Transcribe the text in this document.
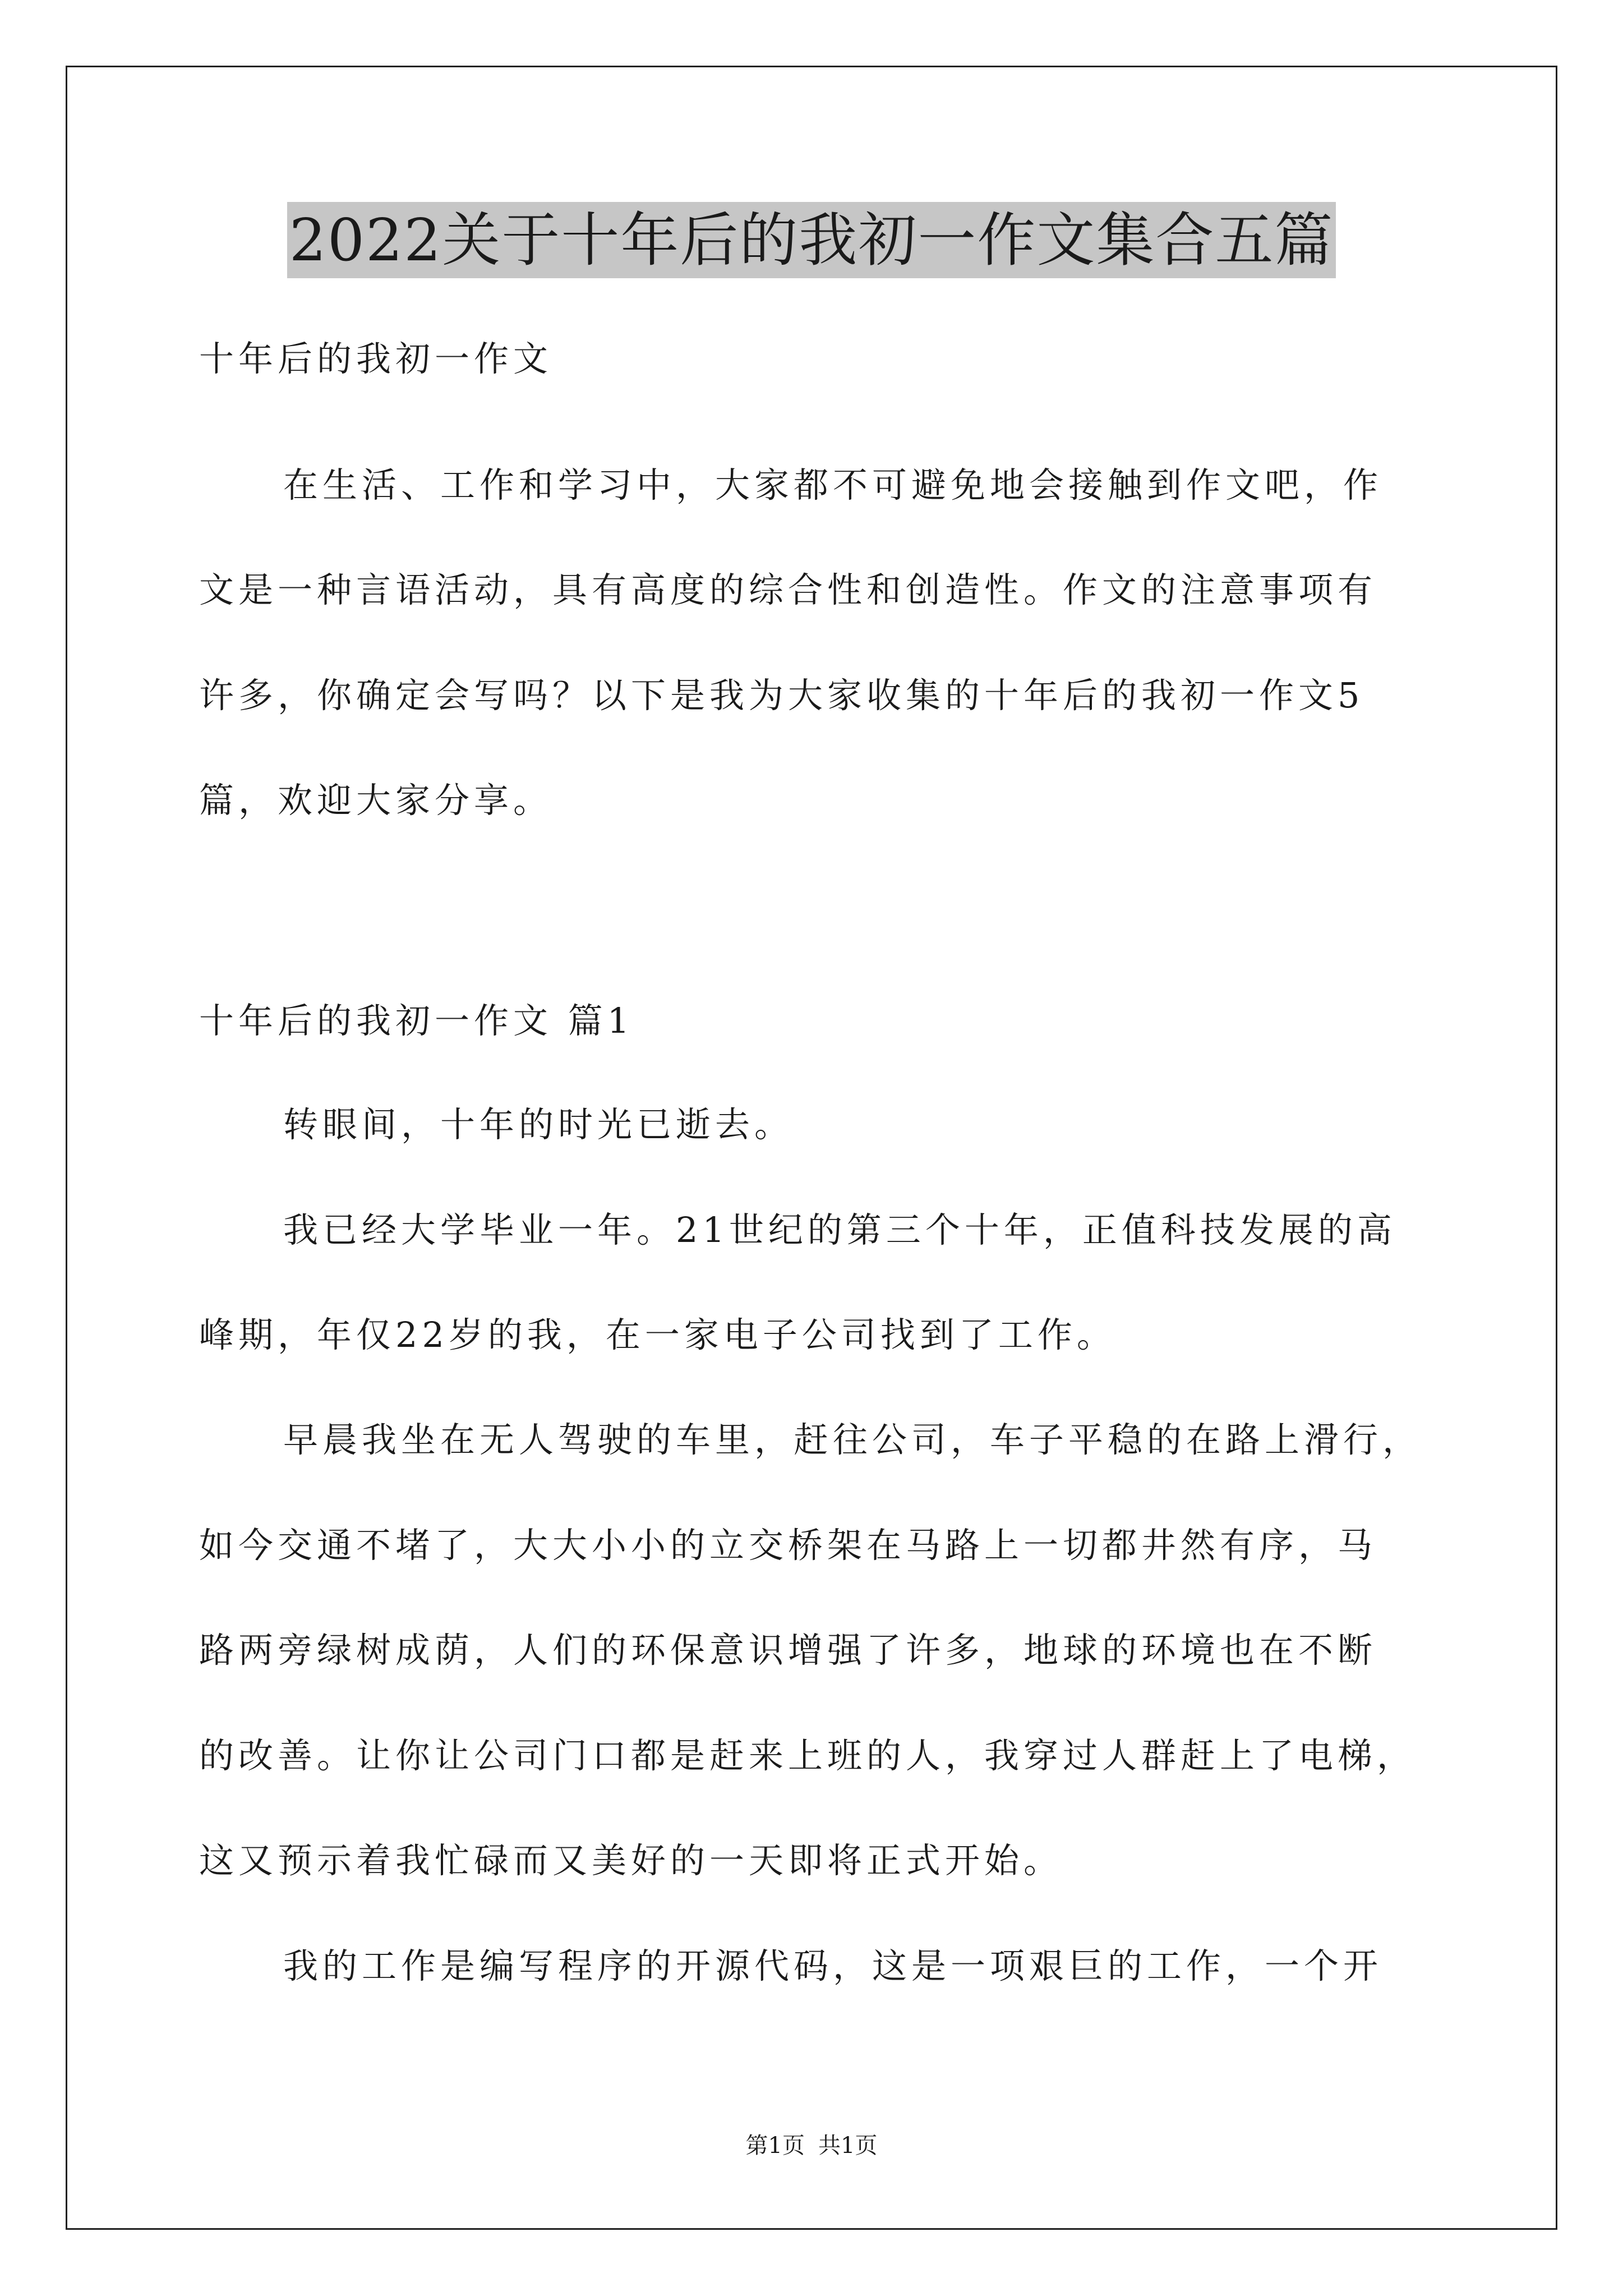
2022关于十年后的我初一作文集合五篇
十年后的我初一作文
在生活、工作和学习中，大家都不可避免地会接触到作文吧，作
文是一种言语活动，具有高度的综合性和创造性。作文的注意事项有
许多，你确定会写吗？以下是我为大家收集的十年后的我初一作文5
篇，欢迎大家分享。
十年后的我初一作文 篇1
转眼间，十年的时光已逝去。
我已经大学毕业一年。21世纪的第三个十年，正值科技发展的高
峰期，年仅22岁的我，在一家电子公司找到了工作。
早晨我坐在无人驾驶的车里，赶往公司，车子平稳的在路上滑行，
如今交通不堵了，大大小小的立交桥架在马路上一切都井然有序，马
路两旁绿树成荫，人们的环保意识增强了许多，地球的环境也在不断
的改善。让你让公司门口都是赶来上班的人，我穿过人群赶上了电梯，
这又预示着我忙碌而又美好的一天即将正式开始。
我的工作是编写程序的开源代码，这是一项艰巨的工作，一个开
第1页 共1页
